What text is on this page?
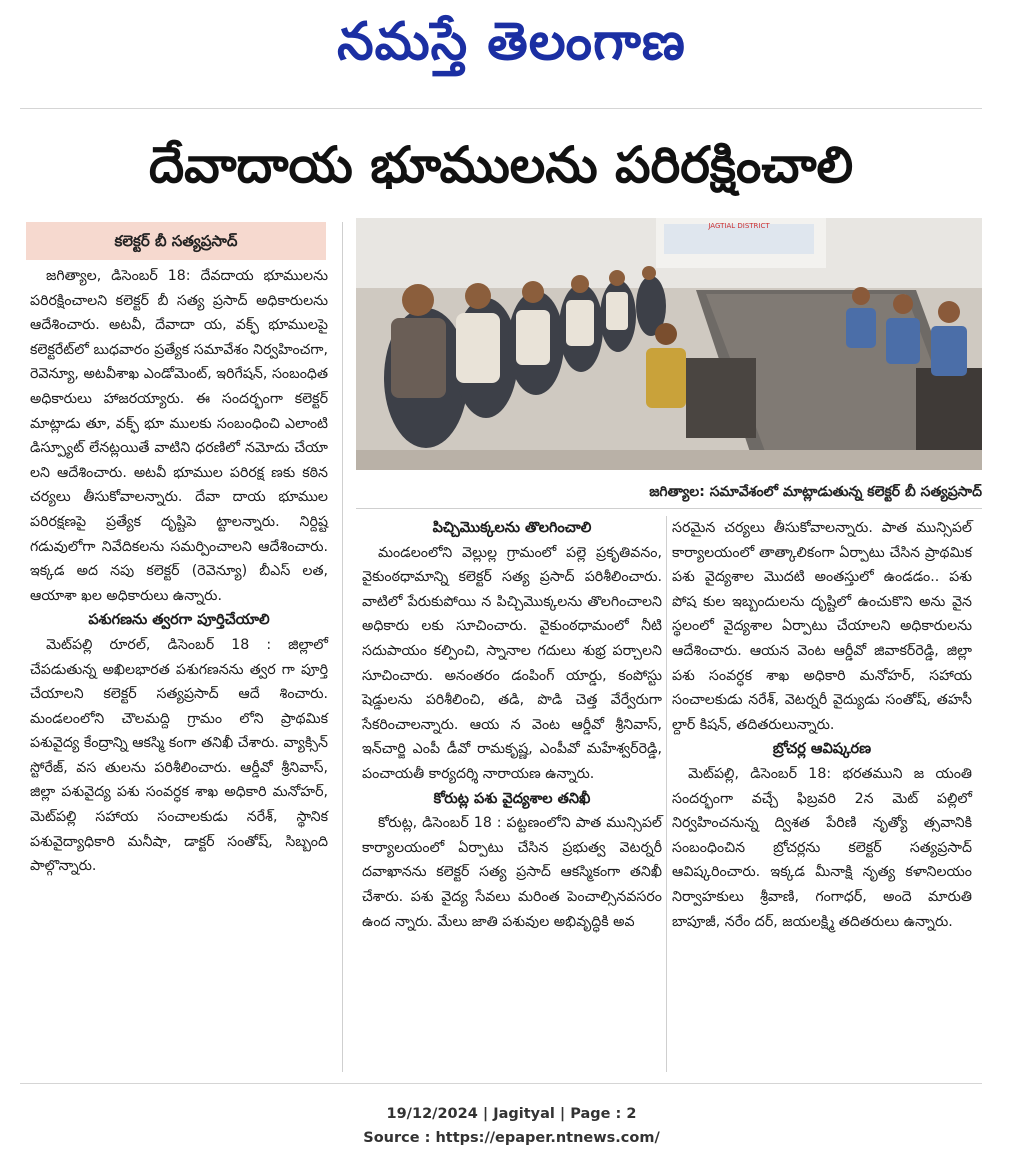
నమస్తే తెలంగాణ
దేవాదాయ భూములను పరిరక్షించాలి
కలెక్టర్ బీ సత్యప్రసాద్

జగిత్యాల, డిసెంబర్ 18: దేవదాయ భూములను పరిరక్షించాలని కలెక్టర్ బీ సత్య ప్రసాద్ అధికారులను ఆదేశించారు. అటవీ, దేవాదా య, వక్ఫ్ భూములపై కలెక్టరేట్‌లో బుధవారం ప్రత్యేక సమావేశం నిర్వహించగా, రెవెన్యూ, అటవీశాఖ ఎండోమెంట్, ఇరిగేషన్, సంబంధిత అధికారులు హాజరయ్యారు. ఈ సందర్భంగా కలెక్టర్ మాట్లాడు తూ, వక్ఫ్ భూ ములకు సంబంధించి ఎలాంటి డిస్ప్యూట్ లేనట్లయితే వాటిని ధరణిలో నమోదు చేయా లని ఆదేశించారు. అటవీ భూముల పరిరక్ష ణకు కఠిన చర్యలు తీసుకోవాలన్నారు. దేవా దాయ భూముల పరిరక్షణపై ప్రత్యేక దృష్టిపె ట్టాలన్నారు. నిర్దిష్ట గడువులోగా నివేదికలను సమర్పించాలని ఆదేశించారు. ఇక్కడ అద నపు కలెక్టర్ (రెవెన్యూ) బీఎస్ లత, ఆయాశా ఖల అధికారులు ఉన్నారు.

పశుగణను త్వరగా పూర్తిచేయాలి

మెట్‌పల్లి రూరల్, డిసెంబర్ 18 : జిల్లాలో చేపడుతున్న అఖిలభారత పశుగణనను త్వర గా పూర్తి చేయాలని కలెక్టర్ సత్యప్రసాద్ ఆదే శించారు. మండలంలోని చౌలమద్ది గ్రామం లోని ప్రాథమిక పశువైద్య కేంద్రాన్ని ఆకస్మి కంగా తనిఖీ చేశారు. వ్యాక్సిన్ స్టోరేజ్, వస తులను పరిశీలించారు. ఆర్డీవో శ్రీనివాస్, జిల్లా పశువైద్య పశు సంవర్ధక శాఖ అధికారి మనోహర్, మెట్‌పల్లి సహాయ సంచాలకుడు నరేశ్, స్థానిక పశువైద్యాధికారి మనీషా, డాక్టర్ సంతోష్, సిబ్బంది పాల్గొన్నారు.

JAGTIAL DISTRICT
జగిత్యాల: సమావేశంలో మాట్లాడుతున్న కలెక్టర్ బీ సత్యప్రసాద్

పిచ్చిమొక్కలను తొలగించాలి

మండలంలోని వెల్లుల్ల గ్రామంలో పల్లె ప్రకృతివనం, వైకుంఠధామాన్ని కలెక్టర్ సత్య ప్రసాద్ పరిశీలించారు. వాటిలో పేరుకుపోయి న పిచ్చిమొక్కలను తొలగించాలని అధికారు లకు సూచించారు. వైకుంఠధామంలో నీటి సదుపాయం కల్పించి, స్నానాల గదులు శుభ్ర పర్చాలని సూచించారు. అనంతరం డంపింగ్ యార్డు, కంపోస్టు షెడ్డులను పరిశీలించి, తడి, పొడి చెత్త వేర్వేరుగా సేకరించాలన్నారు. ఆయ న వెంట ఆర్డీవో శ్రీనివాస్, ఇన్‌చార్జి ఎంపీ డీవో రామకృష్ణ, ఎంపీవో మహేశ్వర్‌రెడ్డి, పంచాయతీ కార్యదర్శి నారాయణ ఉన్నారు.

కోరుట్ల పశు వైద్యశాల తనిఖీ

కోరుట్ల, డిసెంబర్ 18 : పట్టణంలోని పాత మున్సిపల్ కార్యాలయంలో ఏర్పాటు చేసిన ప్రభుత్వ వెటర్నరీ దవాఖానను కలెక్టర్ సత్య ప్రసాద్ ఆకస్మికంగా తనిఖీ చేశారు. పశు వైద్య సేవలు మరింత పెంచాల్సినవసరం ఉంద న్నారు. మేలు జాతి పశువుల అభివృద్ధికి అవ

సరమైన చర్యలు తీసుకోవాలన్నారు. పాత మున్సిపల్ కార్యాలయంలో తాత్కాలికంగా ఏర్పాటు చేసిన ప్రాథమిక పశు వైద్యశాల మొదటి అంతస్తులో ఉండడం.. పశు పోష కుల ఇబ్బందులను దృష్టిలో ఉంచుకొని అను వైన స్థలంలో వైద్యశాల ఏర్పాటు చేయాలని అధికారులను ఆదేశించారు. ఆయన వెంట ఆర్డీవో జివాకర్‌రెడ్డి, జిల్లా పశు సంవర్ధక శాఖ అధికారి మనోహర్, సహాయ సంచాలకుడు నరేశ్, వెటర్నరీ వైద్యుడు సంతోష్, తహసీ ల్దార్ కిషన్, తదితరులున్నారు.

బ్రోచర్ల ఆవిష్కరణ

మెట్‌పల్లి, డిసెంబర్ 18: భరతముని జ యంతి సందర్భంగా వచ్చే ఫిబ్రవరి 2న మెట్ పల్లిలో నిర్వహించనున్న ద్విశత పేరిణి నృత్యో త్సవానికి సంబంధించిన బ్రోచర్లను కలెక్టర్ సత్యప్రసాద్ ఆవిష్కరించారు. ఇక్కడ మీనాక్షి నృత్య కళానిలయం నిర్వాహకులు శ్రీవాణి, గంగాధర్, అందె మారుతి బాపూజీ, నరేం దర్, జయలక్ష్మి తదితరులు ఉన్నారు.

19/12/2024 | Jagityal | Page : 2
Source : https://epaper.ntnews.com/
